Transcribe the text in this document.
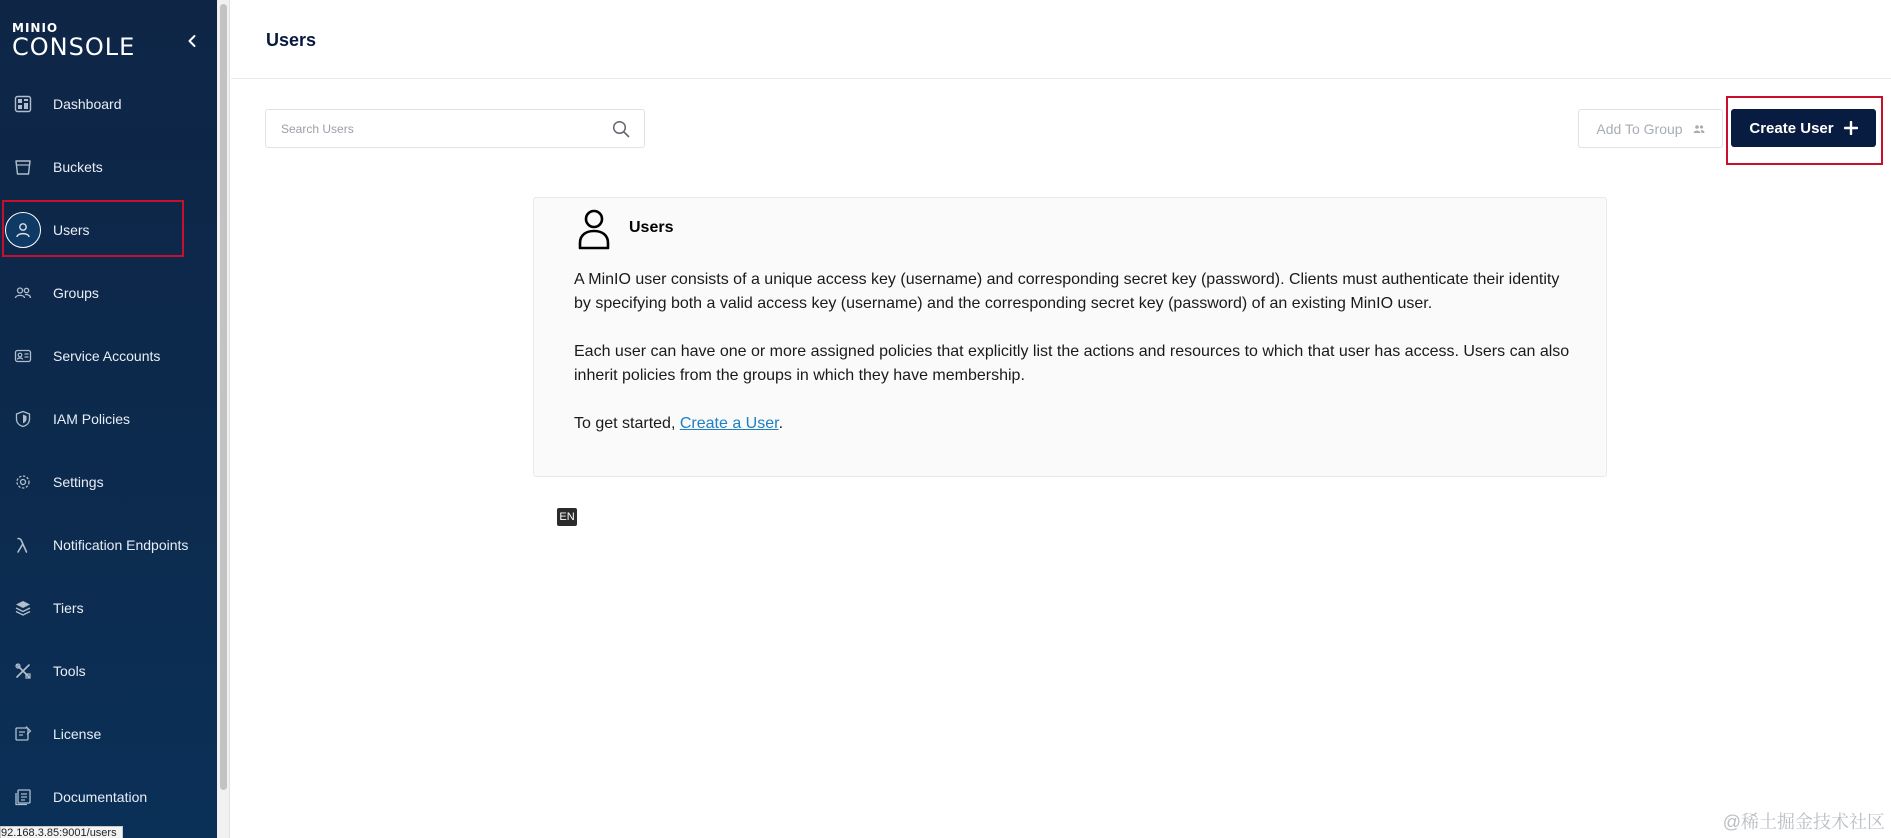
MINIO
CONSOLE
Dashboard
Buckets
Users
Groups
Service Accounts
IAM Policies
Settings
Notification Endpoints
Tiers
Tools
License
Documentation
92.168.3.85:9001/users
Users
Search Users
Add To Group	Create User
Users
A MinIO user consists of a unique access key (username) and corresponding secret key (password). Clients must authenticate their identity by specifying both a valid access key (username) and the corresponding secret key (password) of an existing MinIO user.
Each user can have one or more assigned policies that explicitly list the actions and resources to which that user has access. Users can also inherit policies from the groups in which they have membership.
To get started, Create a User.
EN
@稀土掘金技术社区
